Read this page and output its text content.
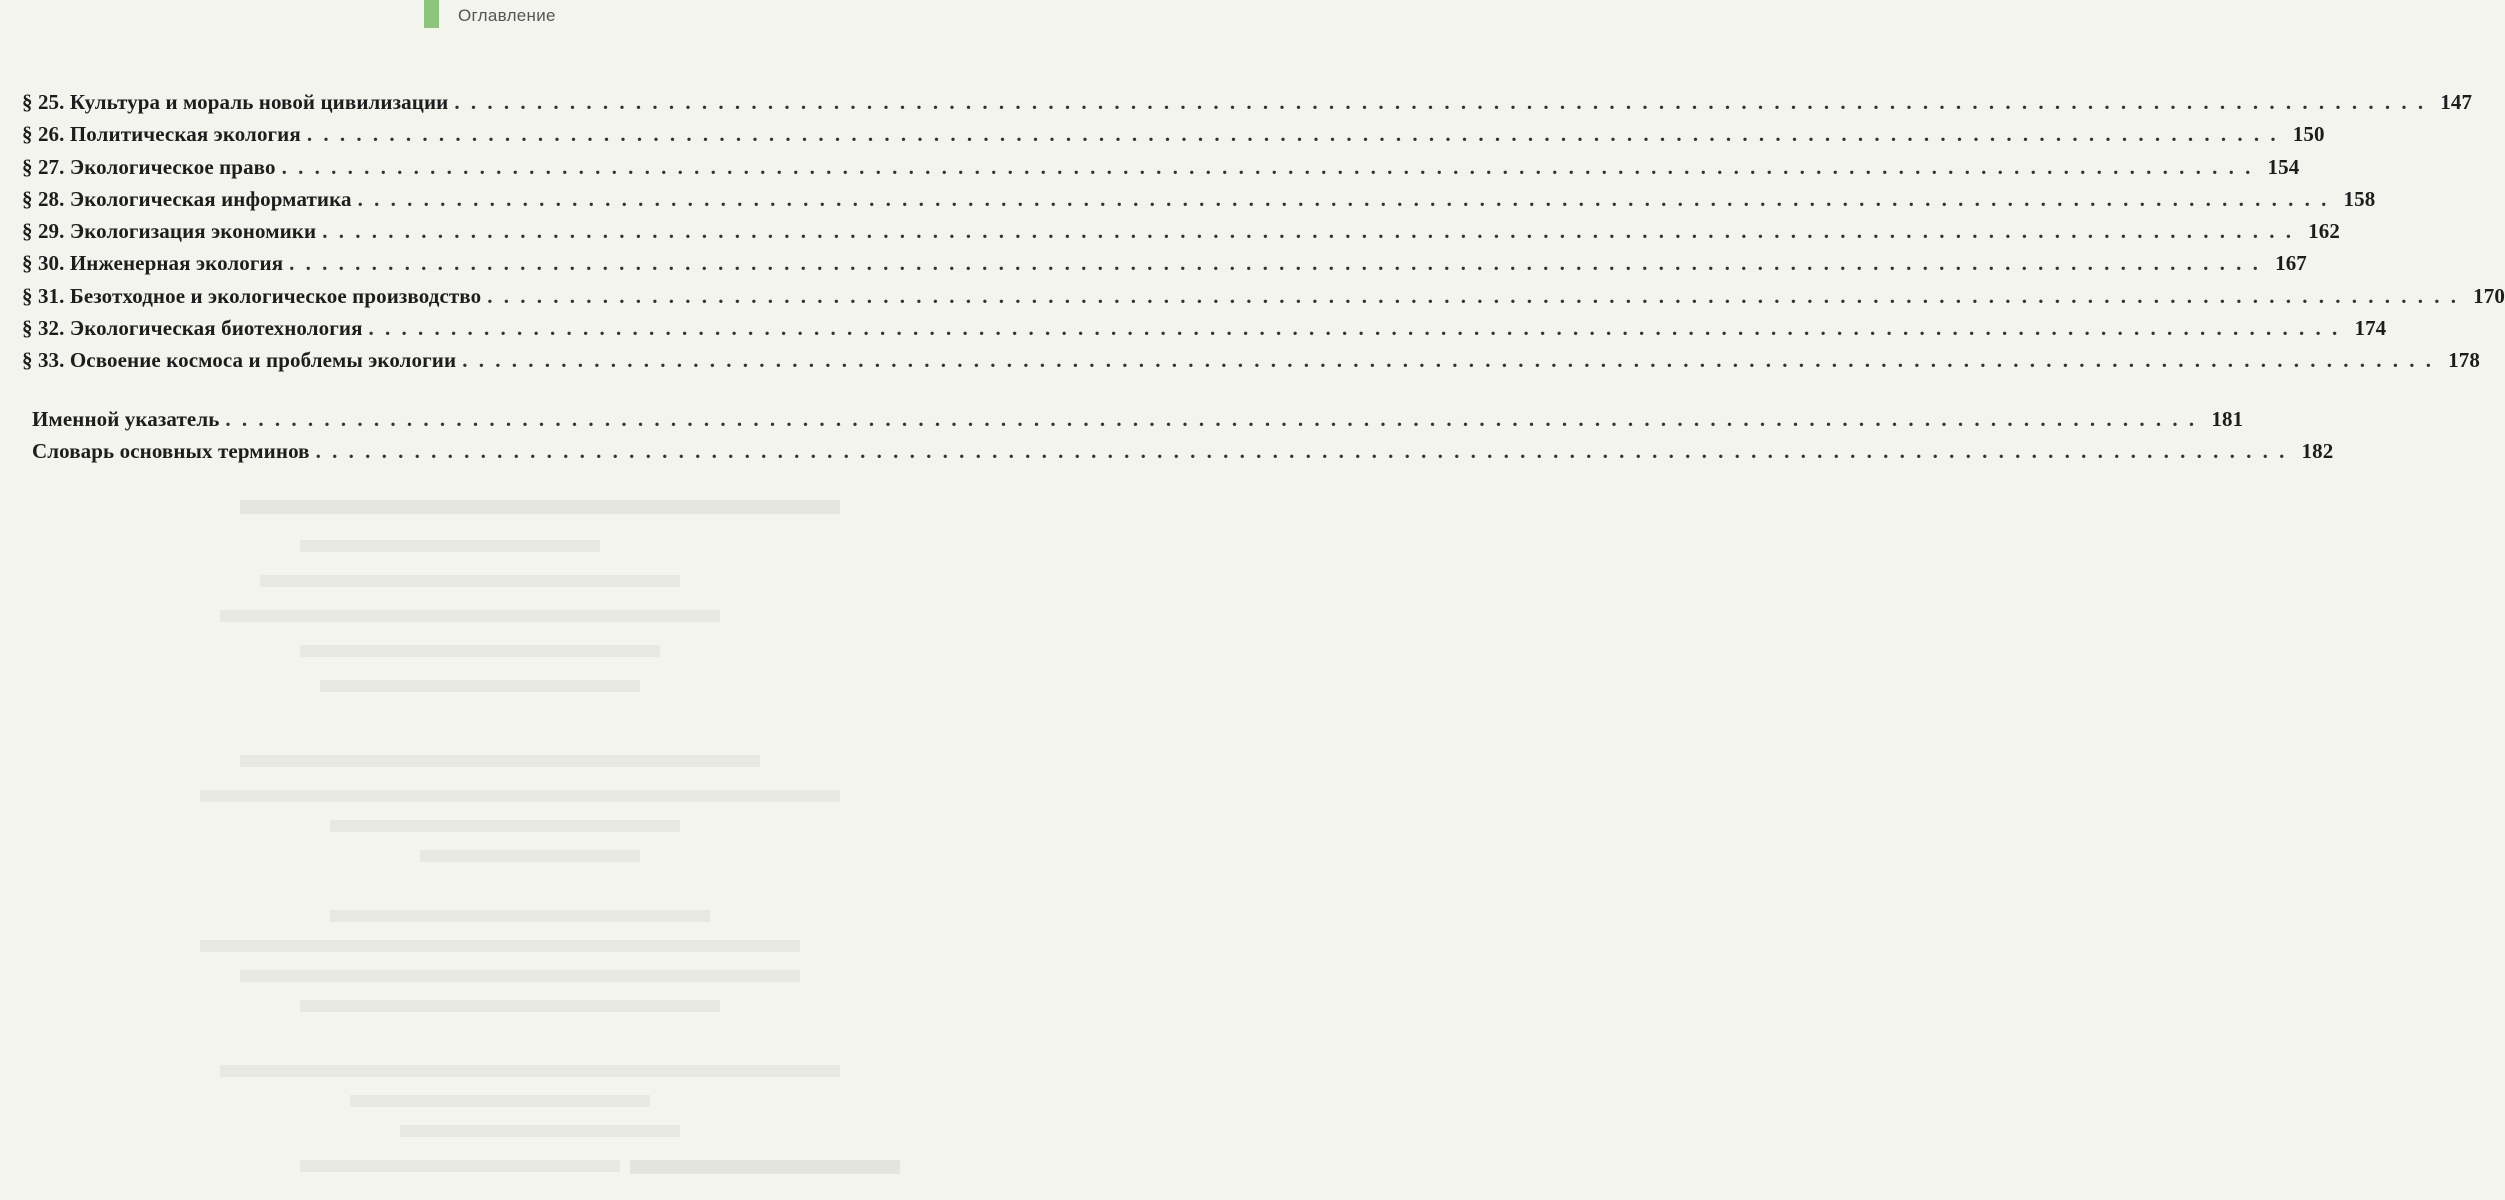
Оглавление
§ 25. Культура и мораль новой цивилизации . . . . . . . . . . . . . . . . . . . . . . . . . . . . . . . . . . . . . . . . . . . . . . . . . . . . . . . . . . . . . . . . . . . . . . . . . . . . . . . . . . . . . . . . . . . . . . . . . . . . . . . . . . . . . . . . . . . . . . . . 147
§ 26. Политическая экология . . . . . . . . . . . . . . . . . . . . . . . . . . . . . . . . . . . . . . . . . . . . . . . . . . . . . . . . . . . . . . . . . . . . . . . . . . . . . . . . . . . . . . . . . . . . . . . . . . . . . . . . . . . . . . . . . . . . . . . . 150
§ 27. Экологическое право . . . . . . . . . . . . . . . . . . . . . . . . . . . . . . . . . . . . . . . . . . . . . . . . . . . . . . . . . . . . . . . . . . . . . . . . . . . . . . . . . . . . . . . . . . . . . . . . . . . . . . . . . . . . . . . . . . . . . . . . 154
§ 28. Экологическая информатика . . . . . . . . . . . . . . . . . . . . . . . . . . . . . . . . . . . . . . . . . . . . . . . . . . . . . . . . . . . . . . . . . . . . . . . . . . . . . . . . . . . . . . . . . . . . . . . . . . . . . . . . . . . . . . . . . . . . . . . . 158
§ 29. Экологизация экономики . . . . . . . . . . . . . . . . . . . . . . . . . . . . . . . . . . . . . . . . . . . . . . . . . . . . . . . . . . . . . . . . . . . . . . . . . . . . . . . . . . . . . . . . . . . . . . . . . . . . . . . . . . . . . . . . . . . . . . . . 162
§ 30. Инженерная экология . . . . . . . . . . . . . . . . . . . . . . . . . . . . . . . . . . . . . . . . . . . . . . . . . . . . . . . . . . . . . . . . . . . . . . . . . . . . . . . . . . . . . . . . . . . . . . . . . . . . . . . . . . . . . . . . . . . . . . . . 167
§ 31. Безотходное и экологическое производство . . . . . . . . . . . . . . . . . . . . . . . . . . . . . . . . . . . . . . . . . . . . . . . . . . . . . . . . . . . . . . . . . . . . . . . . . . . . . . . . . . . . . . . . . . . . . . . . . . . . . . . . . . . . . . . . . . . . . . . . 170
§ 32. Экологическая биотехнология . . . . . . . . . . . . . . . . . . . . . . . . . . . . . . . . . . . . . . . . . . . . . . . . . . . . . . . . . . . . . . . . . . . . . . . . . . . . . . . . . . . . . . . . . . . . . . . . . . . . . . . . . . . . . . . . . . . . . . . . 174
§ 33. Освоение космоса и проблемы экологии . . . . . . . . . . . . . . . . . . . . . . . . . . . . . . . . . . . . . . . . . . . . . . . . . . . . . . . . . . . . . . . . . . . . . . . . . . . . . . . . . . . . . . . . . . . . . . . . . . . . . . . . . . . . . . . . . . . . . . . . 178
Именной указатель . . . . . . . . . . . . . . . . . . . . . . . . . . . . . . . . . . . . . . . . . . . . . . . . . . . . . . . . . . . . . . . . . . . . . . . . . . . . . . . . . . . . . . . . . . . . . . . . . . . . . . . . . . . . . . . . . . . . . . . . 181
Словарь основных терминов . . . . . . . . . . . . . . . . . . . . . . . . . . . . . . . . . . . . . . . . . . . . . . . . . . . . . . . . . . . . . . . . . . . . . . . . . . . . . . . . . . . . . . . . . . . . . . . . . . . . . . . . . . . . . . . . . . . . . . . . 182
